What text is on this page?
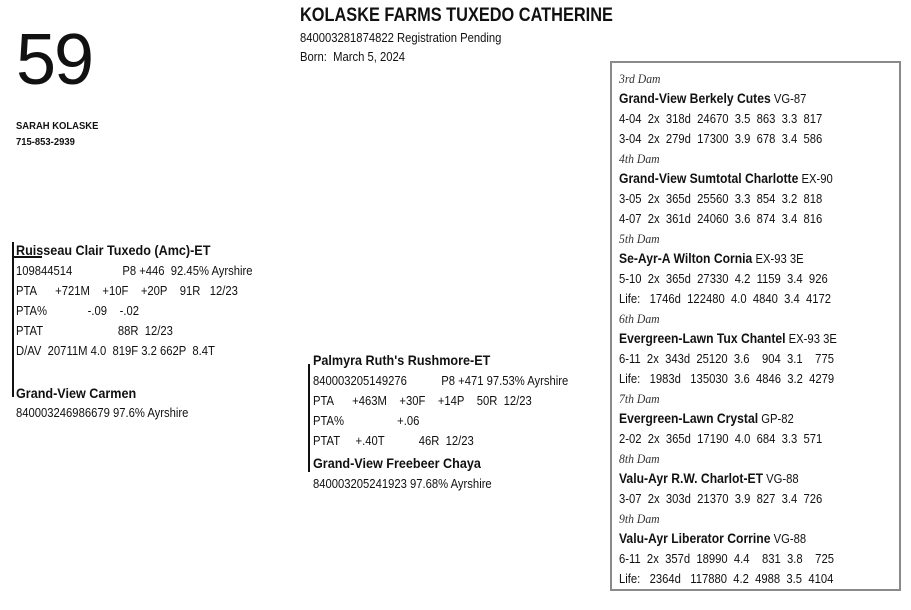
59
KOLASKE FARMS TUXEDO CATHERINE
840003281874822 Registration Pending
Born:  March 5, 2024
SARAH KOLASKE
715-853-2939
Ruisseau Clair Tuxedo (Amc)-ET
109844514                P8 +446  92.45% Ayrshire
PTA      +721M    +10F    +20P    91R   12/23
PTA%             -.09    -.02
PTAT                        88R  12/23
D/AV  20711M 4.0  819F 3.2 662P  8.4T
Grand-View Carmen
840003246986679 97.6% Ayrshire
Palmyra Ruth's Rushmore-ET
840003205149276           P8 +471 97.53% Ayrshire
PTA      +463M    +30F    +14P    50R  12/23
PTA%                 +.06
PTAT     +.40T           46R  12/23
Grand-View Freebeer Chaya
840003205241923 97.68% Ayrshire
3rd Dam
Grand-View Berkely Cutes VG-87
4-04  2x  318d  24670  3.5  863  3.3  817
3-04  2x  279d  17300  3.9  678  3.4  586
4th Dam
Grand-View Sumtotal Charlotte EX-90
3-05  2x  365d  25560  3.3  854  3.2  818
4-07  2x  361d  24060  3.6  874  3.4  816
5th Dam
Se-Ayr-A Wilton Cornia EX-93 3E
5-10  2x  365d  27330  4.2  1159  3.4  926
Life:   1746d  122480  4.0  4840  3.4  4172
6th Dam
Evergreen-Lawn Tux Chantel EX-93 3E
6-11  2x  343d  25120  3.6    904  3.1    775
Life:   1983d   135030  3.6  4846  3.2  4279
7th Dam
Evergreen-Lawn Crystal GP-82
2-02  2x  365d  17190  4.0  684  3.3  571
8th Dam
Valu-Ayr R.W. Charlot-ET VG-88
3-07  2x  303d  21370  3.9  827  3.4  726
9th Dam
Valu-Ayr Liberator Corrine VG-88
6-11  2x  357d  18990  4.4    831  3.8    725
Life:   2364d   117880  4.2  4988  3.5  4104
